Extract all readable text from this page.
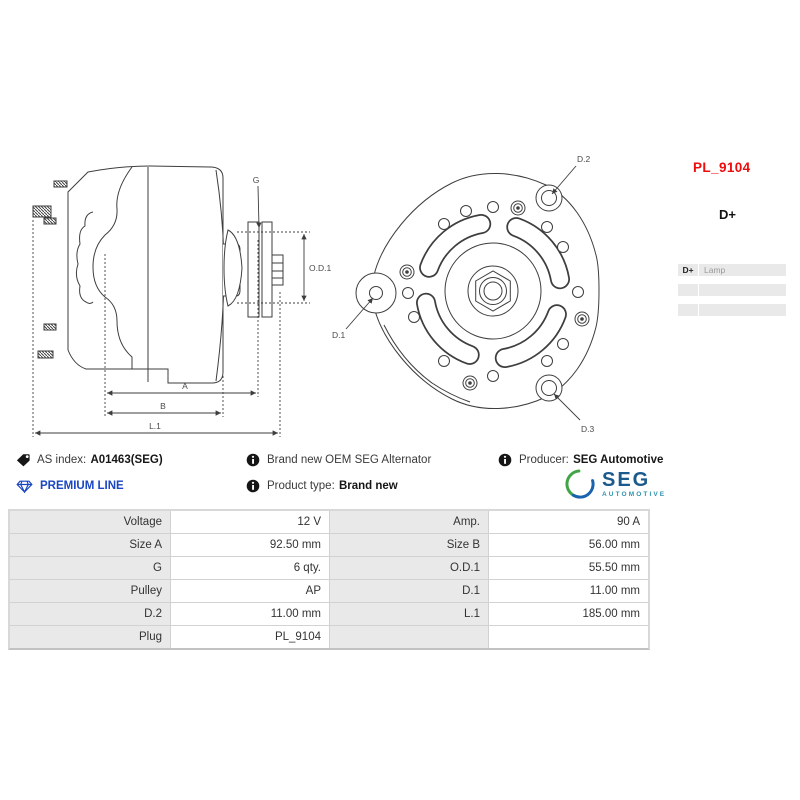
PL_9104
D+
D+	Lamp
G
O.D.1
A
B
L.1
D.2
D.1
D.3
AS index: A01463(SEG)
PREMIUM LINE
Brand new OEM SEG Alternator
Product type: Brand new
Producer: SEG Automotive
SEG
AUTOMOTIVE
Voltage	12 V	Amp.	90 A
Size A	92.50 mm	Size B	56.00 mm
G	6 qty.	O.D.1	55.50 mm
Pulley	AP	D.1	11.00 mm
D.2	11.00 mm	L.1	185.00 mm
Plug	PL_9104
